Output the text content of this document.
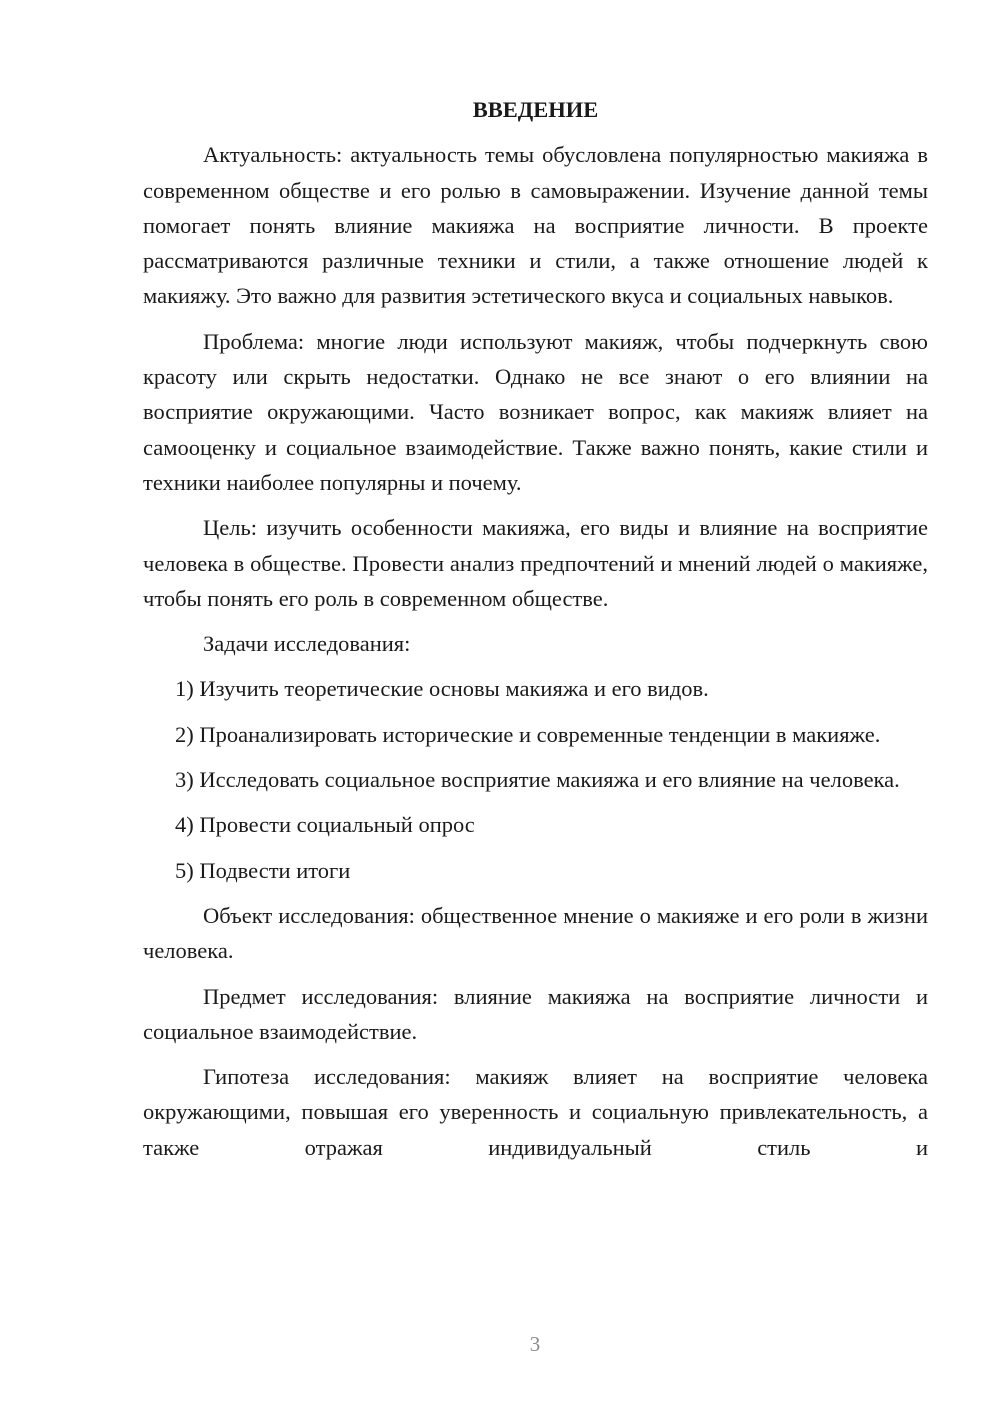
ВВЕДЕНИЕ

Актуальность: актуальность темы обусловлена популярностью макияжа в современном обществе и его ролью в самовыражении. Изучение данной темы помогает понять влияние макияжа на восприятие личности. В проекте рассматриваются различные техники и стили, а также отношение людей к макияжу. Это важно для развития эстетического вкуса и социальных навыков.

Проблема: многие люди используют макияж, чтобы подчеркнуть свою красоту или скрыть недостатки. Однако не все знают о его влиянии на восприятие окружающими. Часто возникает вопрос, как макияж влияет на самооценку и социальное взаимодействие. Также важно понять, какие стили и техники наиболее популярны и почему.

Цель: изучить особенности макияжа, его виды и влияние на восприятие человека в обществе. Провести анализ предпочтений и мнений людей о макияже, чтобы понять его роль в современном обществе.

Задачи исследования:

1) Изучить теоретические основы макияжа и его видов.

2) Проанализировать исторические и современные тенденции в макияже.

3) Исследовать социальное восприятие макияжа и его влияние на человека.

4) Провести социальный опрос

5) Подвести итоги

Объект исследования: общественное мнение о макияже и его роли в жизни человека.

Предмет исследования: влияние макияжа на восприятие личности и социальное взаимодействие.

Гипотеза исследования: макияж влияет на восприятие человека окружающими, повышая его уверенность и социальную привлекательность, а также отражая индивидуальный стиль и

3
